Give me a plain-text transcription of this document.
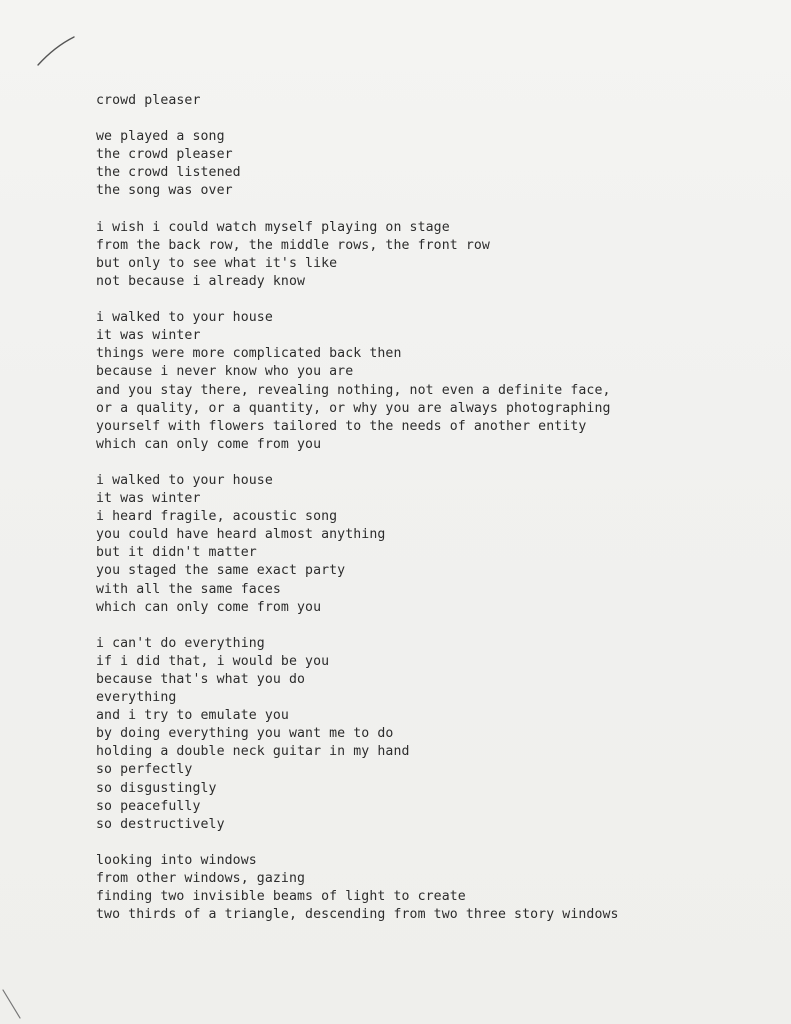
crowd pleaser
we played a song
the crowd pleaser
the crowd listened
the song was over
i wish i could watch myself playing on stage
from the back row, the middle rows, the front row
but only to see what it's like
not because i already know
i walked to your house
it was winter
things were more complicated back then
because i never know who you are
and you stay there, revealing nothing, not even a definite face,
or a quality, or a quantity, or why you are always photographing
yourself with flowers tailored to the needs of another entity
which can only come from you
i walked to your house
it was winter
i heard fragile, acoustic song
you could have heard almost anything
but it didn't matter
you staged the same exact party
with all the same faces
which can only come from you
i can't do everything
if i did that, i would be you
because that's what you do
everything
and i try to emulate you
by doing everything you want me to do
holding a double neck guitar in my hand
so perfectly
so disgustingly
so peacefully
so destructively
looking into windows
from other windows, gazing
finding two invisible beams of light to create
two thirds of a triangle, descending from two three story windows
